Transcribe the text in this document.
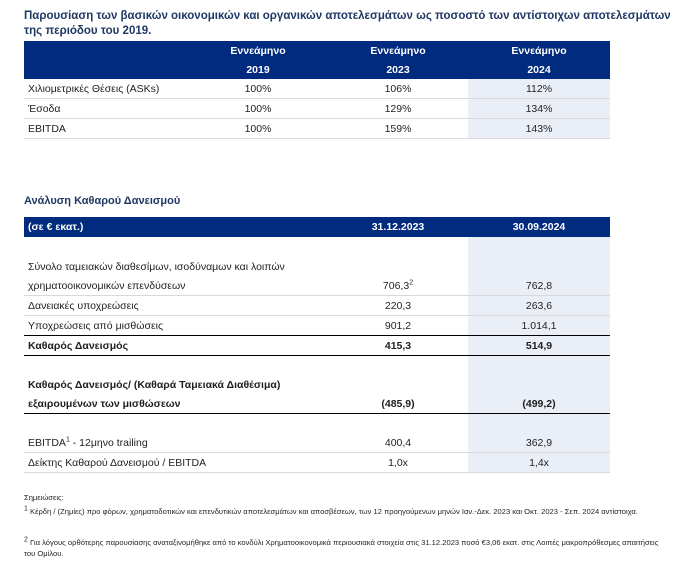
Παρουσίαση των βασικών οικονομικών και οργανικών αποτελεσμάτων ως ποσοστό των αντίστοιχων αποτελεσμάτων της περιόδου του 2019.
	Εννεάμηνο	Εννεάμηνο	Εννεάμηνο
	2019	2023	2024
Χιλιομετρικές Θέσεις (ASKs)	100%	106%	112%
Έσοδα	100%	129%	134%
EBITDA	100%	159%	143%
Ανάλυση Καθαρού Δανεισμού
(σε € εκατ.)	31.12.2023	30.09.2024

Σύνολο ταμειακών διαθεσίμων, ισοδύναμων και λοιπών		
χρηματοοικονομικών επενδύσεων	706,3$^2$	762,8
Δανειακές υποχρεώσεις	220,3	263,6
Υποχρεώσεις από μισθώσεις	901,2	1.014,1
Καθαρός Δανεισμός	415,3	514,9

Καθαρός Δανεισμός/ (Καθαρά Ταμειακά Διαθέσιμα)		
εξαιρουμένων των μισθώσεων	(485,9)	(499,2)

EBITDA$^1$ - 12μηνο trailing	400,4	362,9
Δείκτης Καθαρού Δανεισμού / EBITDA	1,0x	1,4x
Σημειώσεις:
$^1$ Κέρδη / (Ζημίες) προ φόρων, χρηματοδοτικών και επενδυτικών αποτελεσμάτων και αποσβέσεων, των 12 προηγούμενων μηνών Ιαν.-Δεκ. 2023 και Οκτ. 2023 - Σεπ. 2024 αντίστοιχα.
$^2$ Για λόγους ορθότερης παρουσίασης αναταξινομήθηκε από το κονδύλι Χρηματοοικονομικά περιουσιακά στοιχεία στις 31.12.2023 ποσό €3,06 εκατ. στις Λοιπές μακροπρόθεσμες απαιτήσεις του Ομίλου.
